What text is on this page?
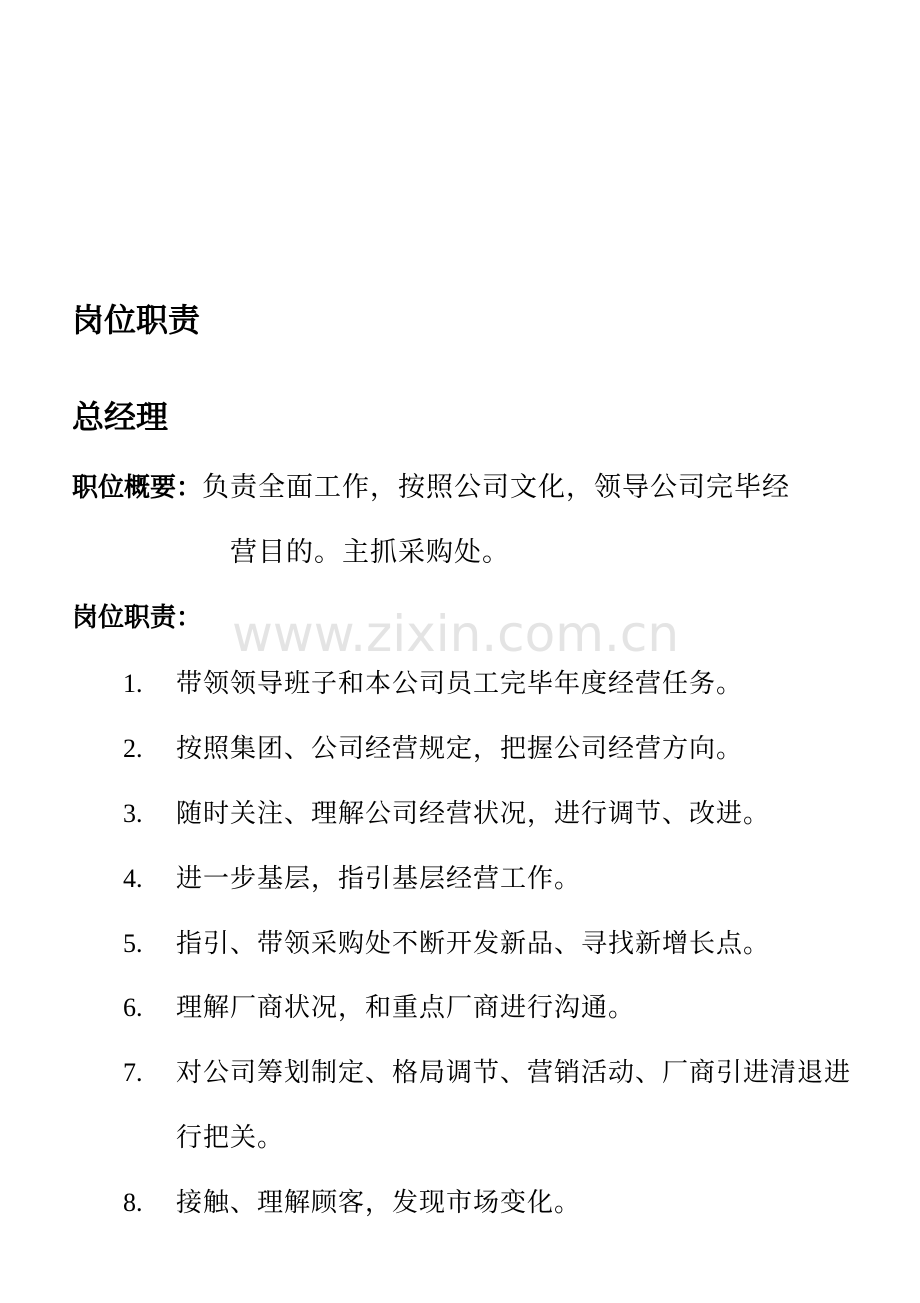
岗位职责
总经理
职位概要：负责全面工作，按照公司文化，领导公司完毕经
营目的。主抓采购处。
岗位职责： www.zixin.com.cn
1. 带领领导班子和本公司员工完毕年度经营任务。
2. 按照集团、公司经营规定，把握公司经营方向。
3. 随时关注、理解公司经营状况，进行调节、改进。
4. 进一步基层，指引基层经营工作。
5. 指引、带领采购处不断开发新品、寻找新增长点。
6. 理解厂商状况，和重点厂商进行沟通。
7. 对公司筹划制定、格局调节、营销活动、厂商引进清退进行把关。
8. 接触、理解顾客，发现市场变化。
